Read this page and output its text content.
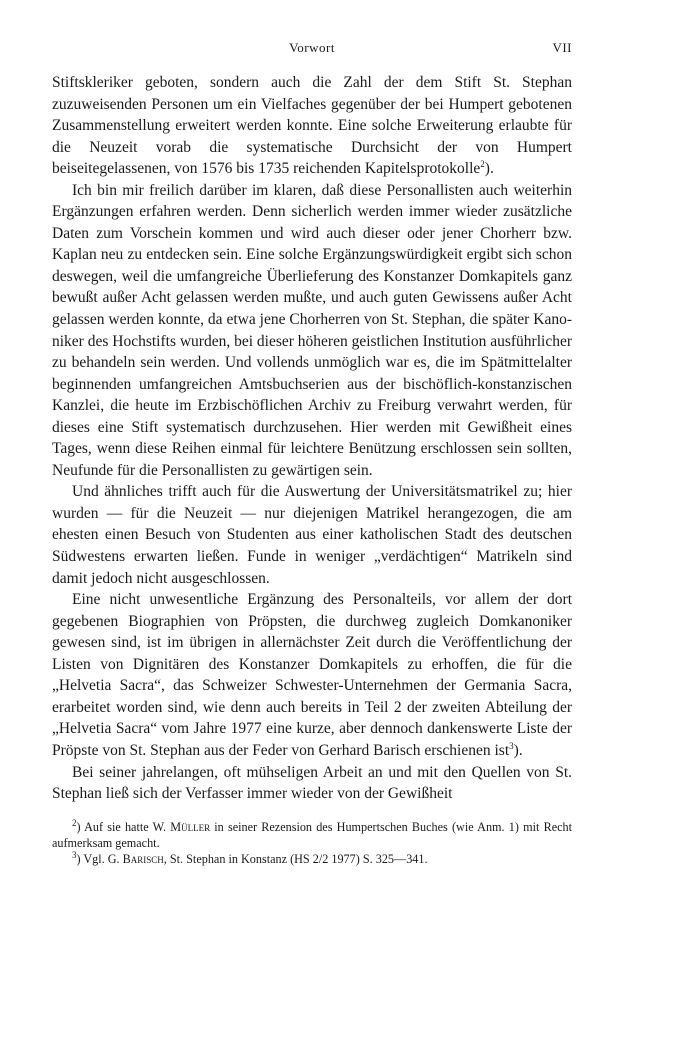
Vorwort	VII

Stiftskleriker geboten, sondern auch die Zahl der dem Stift St. Stephan zuzuweisenden Personen um ein Vielfaches gegenüber der bei Humpert gebotenen Zusammenstellung erweitert werden konnte. Eine solche Erweiterung erlaubte für die Neuzeit vorab die systematische Durchsicht der von Humpert beiseitegelassenen, von 1576 bis 1735 reichenden Kapitelsprotokolle$^2$).

Ich bin mir freilich darüber im klaren, daß diese Personallisten auch weiterhin Ergänzungen erfahren werden. Denn sicherlich werden immer wieder zusätzliche Daten zum Vorschein kommen und wird auch dieser oder jener Chorherr bzw. Kaplan neu zu entdecken sein. Eine solche Ergänzungswürdigkeit ergibt sich schon deswegen, weil die umfangreiche Überlieferung des Konstanzer Domkapitels ganz bewußt außer Acht gelassen werden mußte, und auch guten Gewissens außer Acht gelassen werden konnte, da etwa jene Chorherren von St. Stephan, die später Kanoniker des Hochstifts wurden, bei dieser höheren geistlichen Institution ausführlicher zu behandeln sein werden. Und vollends unmöglich war es, die im Spätmittelalter beginnenden umfangreichen Amtsbuchserien aus der bischöflich-konstanzischen Kanzlei, die heute im Erzbischöflichen Archiv zu Freiburg verwahrt werden, für dieses eine Stift systematisch durchzusehen. Hier werden mit Gewißheit eines Tages, wenn diese Reihen einmal für leichtere Benützung erschlossen sein sollten, Neufunde für die Personallisten zu gewärtigen sein.

Und ähnliches trifft auch für die Auswertung der Universitätsmatrikel zu; hier wurden — für die Neuzeit — nur diejenigen Matrikel herangezogen, die am ehesten einen Besuch von Studenten aus einer katholischen Stadt des deutschen Südwestens erwarten ließen. Funde in weniger „verdächtigen“ Matrikeln sind damit jedoch nicht ausgeschlossen.

Eine nicht unwesentliche Ergänzung des Personalteils, vor allem der dort gegebenen Biographien von Pröpsten, die durchweg zugleich Domkanoniker gewesen sind, ist im übrigen in allernächster Zeit durch die Veröffentlichung der Listen von Dignitären des Konstanzer Domkapitels zu erhoffen, die für die „Helvetia Sacra“, das Schweizer Schwester-Unternehmen der Germania Sacra, erarbeitet worden sind, wie denn auch bereits in Teil 2 der zweiten Abteilung der „Helvetia Sacra“ vom Jahre 1977 eine kurze, aber dennoch dankenswerte Liste der Pröpste von St. Stephan aus der Feder von Gerhard Barisch erschienen ist$^3$).

Bei seiner jahrelangen, oft mühseligen Arbeit an und mit den Quellen von St. Stephan ließ sich der Verfasser immer wieder von der Gewißheit

$^2$) Auf sie hatte W. Müller in seiner Rezension des Humpertschen Buches (wie Anm. 1) mit Recht aufmerksam gemacht.
$^3$) Vgl. G. Barisch, St. Stephan in Konstanz (HS 2/2 1977) S. 325—341.
